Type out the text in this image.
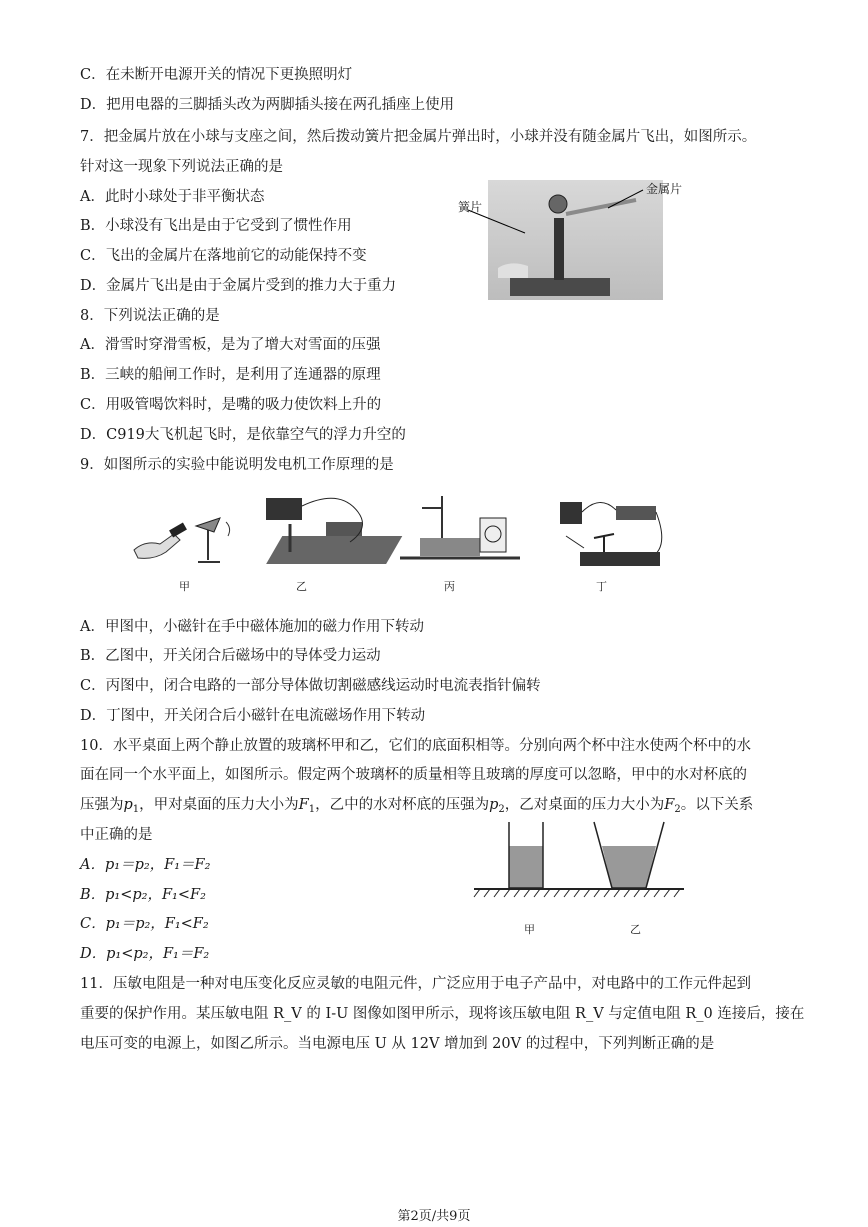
C．在未断开电源开关的情况下更换照明灯
D．把用电器的三脚插头改为两脚插头接在两孔插座上使用
7．把金属片放在小球与支座之间，然后拨动簧片把金属片弹出时，小球并没有随金属片飞出，如图所示。
针对这一现象下列说法正确的是
A．此时小球处于非平衡状态
B．小球没有飞出是由于它受到了惯性作用
C．飞出的金属片在落地前它的动能保持不变
D．金属片飞出是由于金属片受到的推力大于重力
簧片
金属片
8．下列说法正确的是
A．滑雪时穿滑雪板，是为了增大对雪面的压强
B．三峡的船闸工作时，是利用了连通器的原理
C．用吸管喝饮料时，是嘴的吸力使饮料上升的
D．C919大飞机起飞时，是依靠空气的浮力升空的
9．如图所示的实验中能说明发电机工作原理的是
甲	乙	丙	丁
A．甲图中，小磁针在手中磁体施加的磁力作用下转动
B．乙图中，开关闭合后磁场中的导体受力运动
C．丙图中，闭合电路的一部分导体做切割磁感线运动时电流表指针偏转
D．丁图中，开关闭合后小磁针在电流磁场作用下转动
10．水平桌面上两个静止放置的玻璃杯甲和乙，它们的底面积相等。分别向两个杯中注水使两个杯中的水
面在同一个水平面上，如图所示。假定两个玻璃杯的质量相等且玻璃的厚度可以忽略，甲中的水对杯底的
压强为$p_1$，甲对桌面的压力大小为$F_1$，乙中的水对杯底的压强为$p_2$，乙对桌面的压力大小为$F_2$。以下关系
中正确的是
A．p₁＝p₂，F₁＝F₂
B．p₁<p₂，F₁<F₂
C．p₁＝p₂，F₁<F₂
D．p₁<p₂，F₁＝F₂
甲	乙
11．压敏电阻是一种对电压变化反应灵敏的电阻元件，广泛应用于电子产品中，对电路中的工作元件起到
重要的保护作用。某压敏电阻 R_V 的 I-U 图像如图甲所示，现将该压敏电阻 R_V 与定值电阻 R_0 连接后，接在
电压可变的电源上，如图乙所示。当电源电压 U 从 12V 增加到 20V 的过程中，下列判断正确的是
第2页/共9页
